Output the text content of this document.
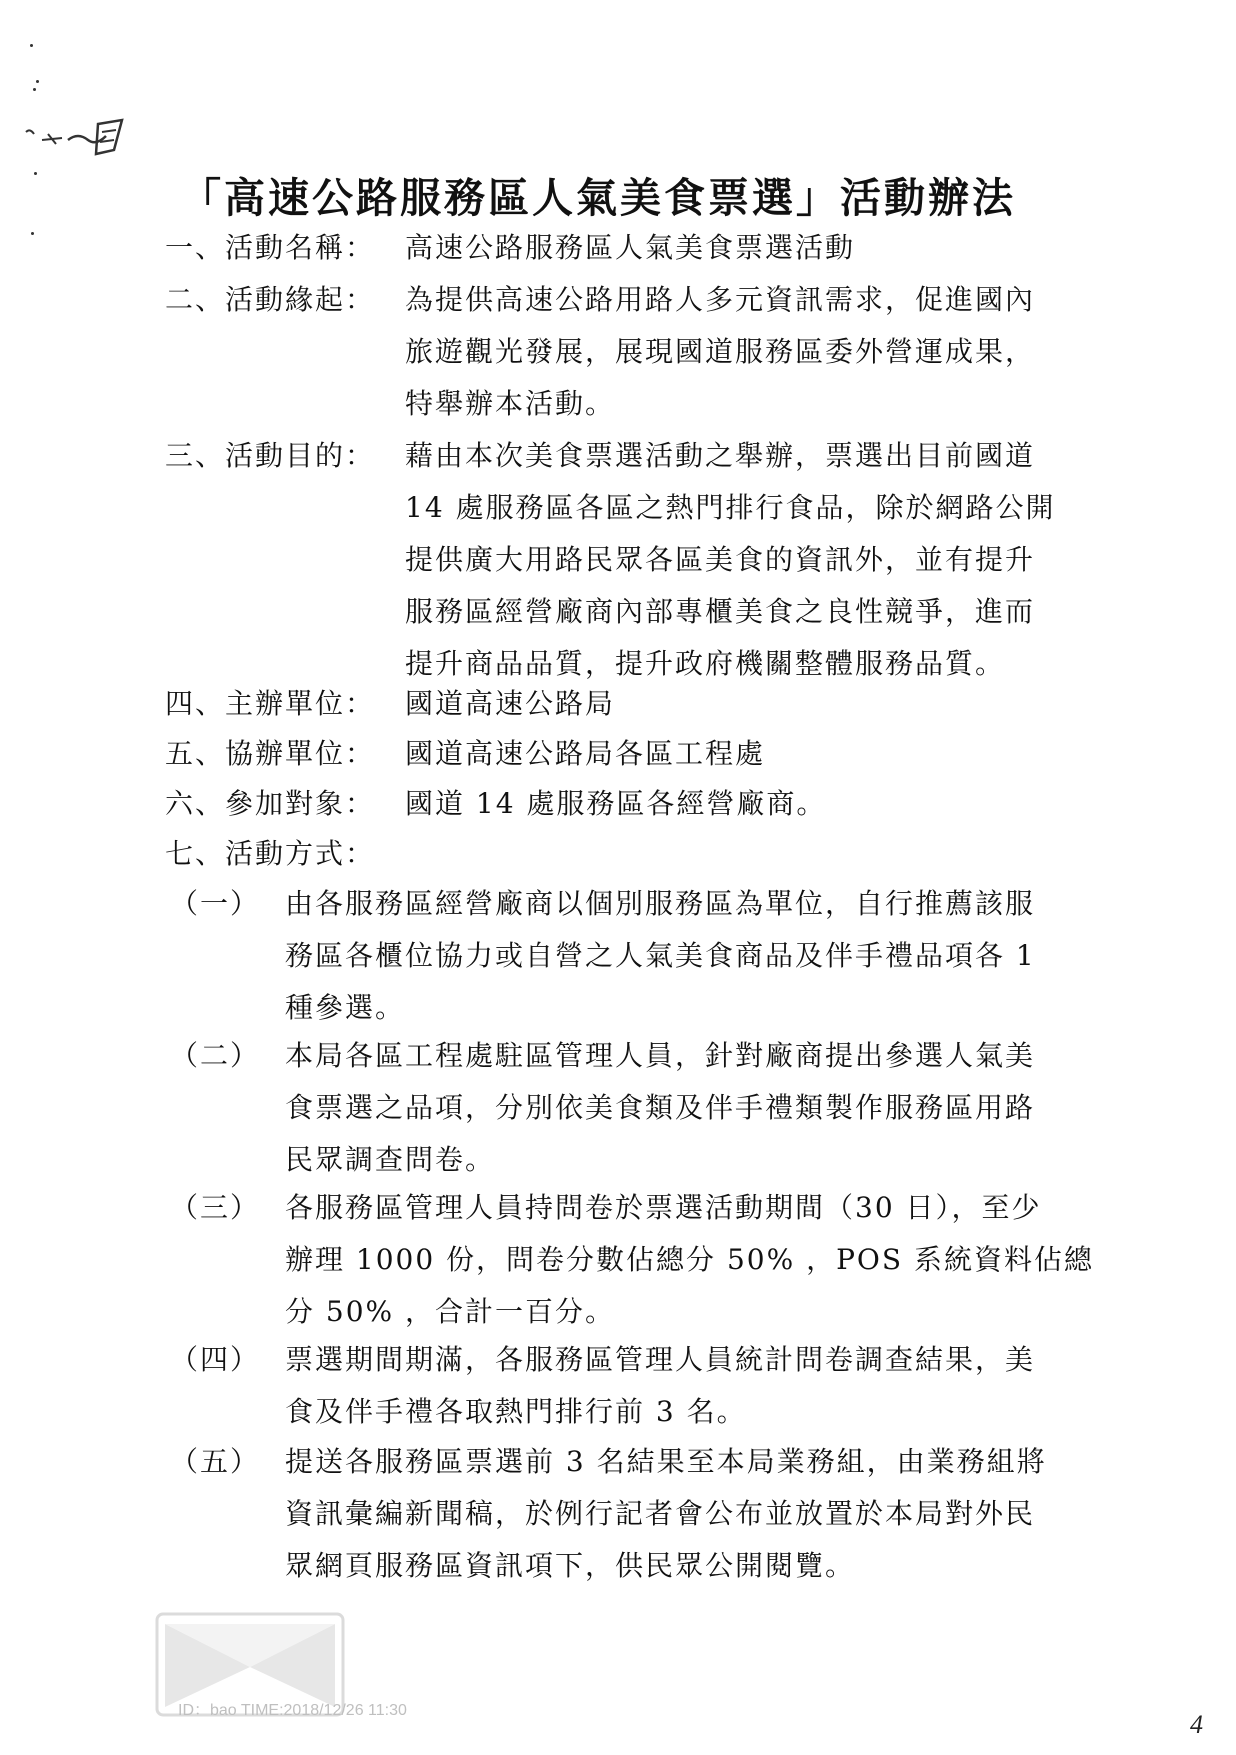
「高速公路服務區人氣美食票選」活動辦法
一、活動名稱：	高速公路服務區人氣美食票選活動
二、活動緣起：	為提供高速公路用路人多元資訊需求，促進國內
旅遊觀光發展，展現國道服務區委外營運成果，
特舉辦本活動。
三、活動目的：	藉由本次美食票選活動之舉辦，票選出目前國道
14 處服務區各區之熱門排行食品，除於網路公開
提供廣大用路民眾各區美食的資訊外，並有提升
服務區經營廠商內部專櫃美食之良性競爭，進而
提升商品品質，提升政府機關整體服務品質。
四、主辦單位：	國道高速公路局
五、協辦單位：	國道高速公路局各區工程處
六、參加對象：	國道 14 處服務區各經營廠商。
七、活動方式：
（一） 由各服務區經營廠商以個別服務區為單位，自行推薦該服
務區各櫃位協力或自營之人氣美食商品及伴手禮品項各 1
種參選。
（二） 本局各區工程處駐區管理人員，針對廠商提出參選人氣美
食票選之品項，分別依美食類及伴手禮類製作服務區用路
民眾調查問卷。
（三） 各服務區管理人員持問卷於票選活動期間（30 日），至少
辦理 1000 份，問卷分數佔總分 50% ，POS 系統資料佔總
分 50% ，合計一百分。
（四） 票選期間期滿，各服務區管理人員統計問卷調查結果，美
食及伴手禮各取熱門排行前 3 名。
（五） 提送各服務區票選前 3 名結果至本局業務組，由業務組將
資訊彙編新聞稿，於例行記者會公布並放置於本局對外民
眾網頁服務區資訊項下，供民眾公開閱覽。
ID：bao TIME:2018/12/26 11:30	4
